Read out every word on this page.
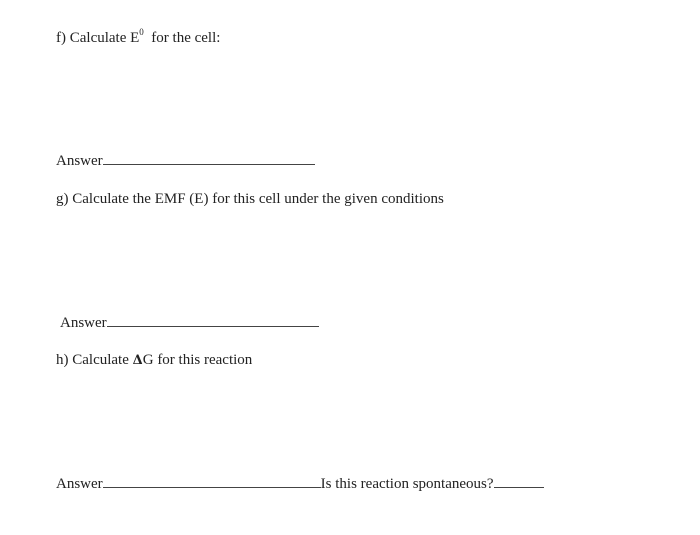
f) Calculate $E^0$  for the cell:
Answer
g) Calculate the EMF (E) for this cell under the given conditions
Answer
h) Calculate ΔG for this reaction
Answer	Is this reaction spontaneous?
